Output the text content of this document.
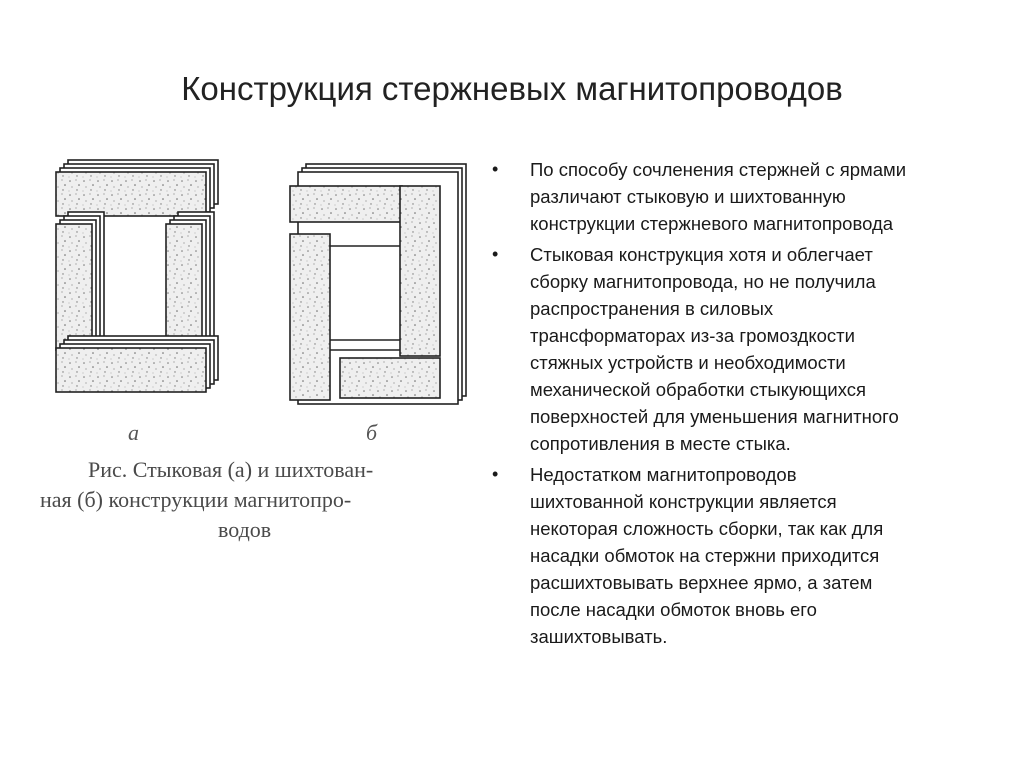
Конструкция стержневых магнитопроводов
а	б
Рис. Стыковая (а) и шихтован-
ная (б) конструкции магнитопро-
водов
• По способу сочленения стержней с ярмами
различают стыковую и шихтованную
конструкции стержневого магнитопровода
• Стыковая конструкция хотя и облегчает
сборку магнитопровода, но не получила
распространения в силовых
трансформаторах из-за громоздкости
стяжных устройств и необходимости
механической обработки стыкующихся
поверхностей для уменьшения магнитного
сопротивления в месте стыка.
• Недостатком магнитопроводов
шихтованной конструкции является
некоторая сложность сборки, так как для
насадки обмоток на стержни приходится
расшихтовывать верхнее ярмо, а затем
после насадки обмоток вновь его
зашихтовывать.
